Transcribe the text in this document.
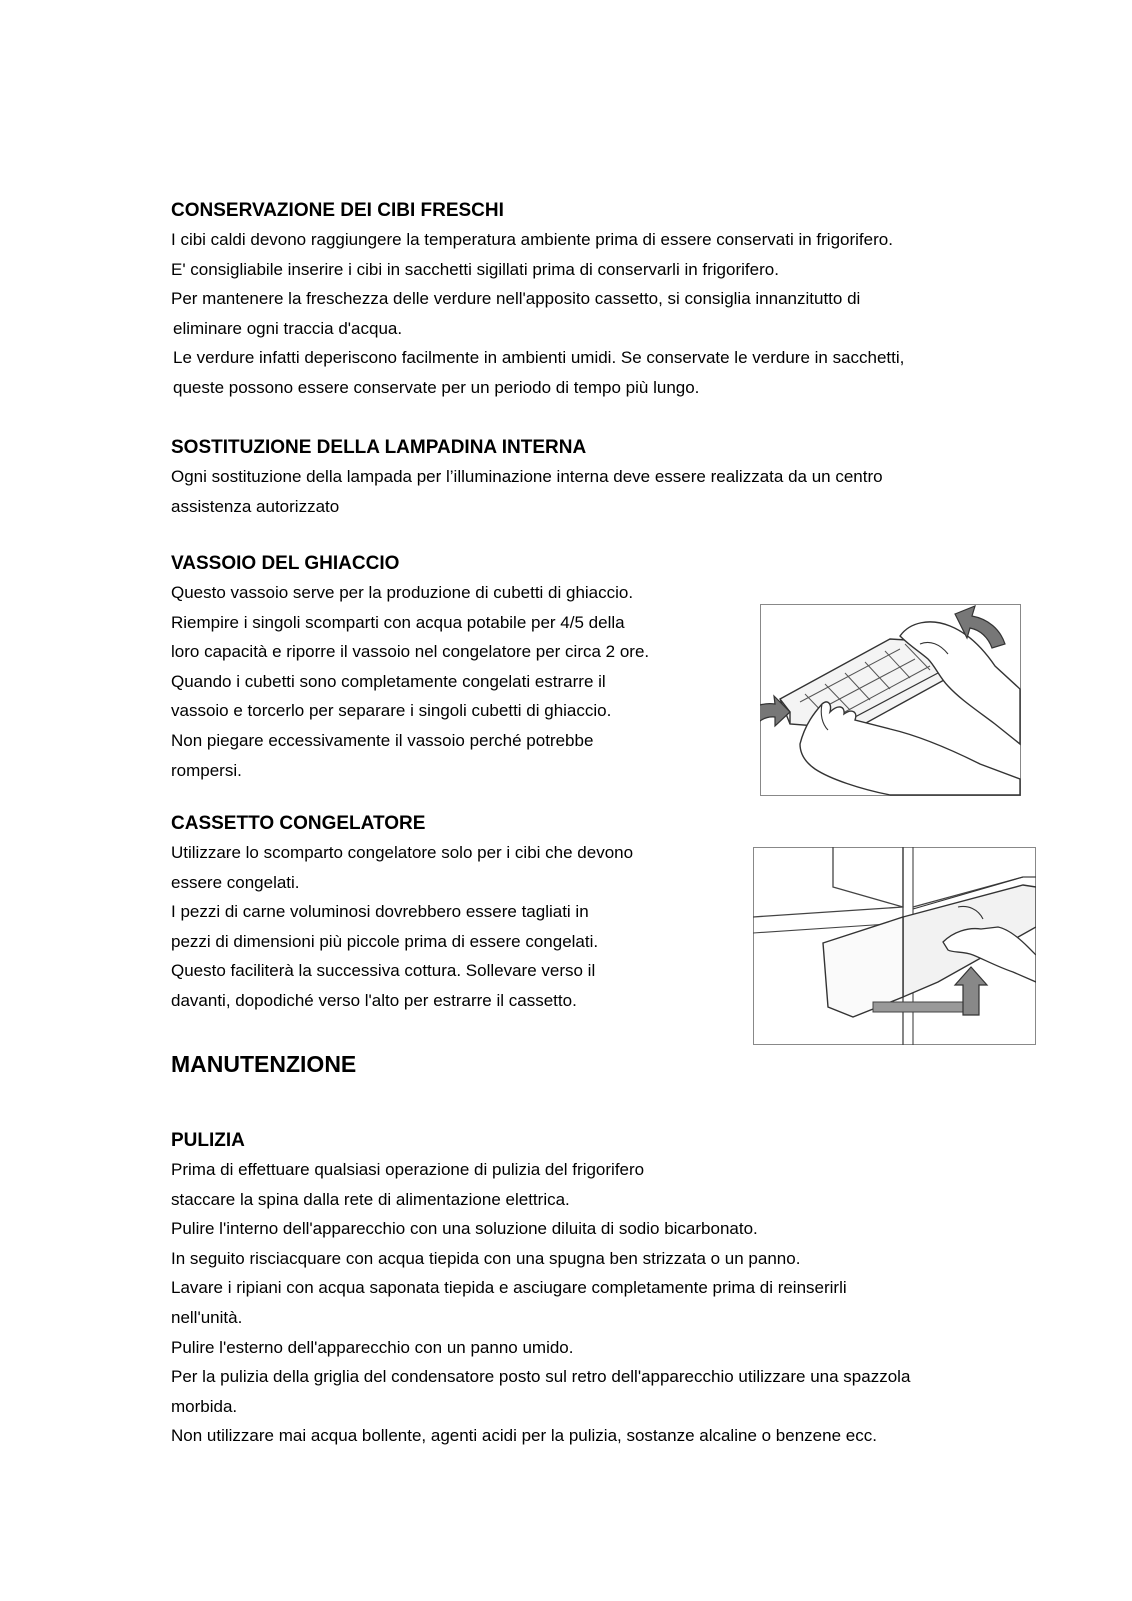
CONSERVAZIONE DEI CIBI FRESCHI

I cibi caldi devono raggiungere la temperatura ambiente prima di essere conservati in frigorifero.

E' consigliabile inserire i cibi in sacchetti sigillati prima di conservarli in frigorifero.

Per mantenere la freschezza delle verdure nell'apposito cassetto, si consiglia innanzitutto di

eliminare ogni traccia d'acqua.

Le verdure infatti deperiscono facilmente in ambienti umidi. Se conservate le verdure in sacchetti,

queste possono essere conservate per un periodo di tempo più lungo.

SOSTITUZIONE DELLA LAMPADINA INTERNA

Ogni sostituzione della lampada per l’illuminazione interna deve essere realizzata da un centro

assistenza autorizzato

VASSOIO DEL GHIACCIO

Questo vassoio serve per la produzione di cubetti di ghiaccio.

Riempire i singoli scomparti con acqua potabile per 4/5 della

loro capacità e riporre il vassoio nel congelatore per circa 2 ore.

Quando i cubetti sono completamente congelati estrarre il

vassoio e torcerlo per separare i singoli cubetti di ghiaccio.

Non piegare eccessivamente il vassoio perché potrebbe

rompersi.

CASSETTO CONGELATORE

Utilizzare lo scomparto congelatore solo per i cibi che devono

essere congelati.

I pezzi di carne voluminosi dovrebbero essere tagliati in

pezzi di dimensioni più piccole prima di essere congelati.

Questo faciliterà la successiva cottura. Sollevare verso il

davanti, dopodiché verso l'alto per estrarre il cassetto.

MANUTENZIONE

PULIZIA

Prima di effettuare qualsiasi operazione di pulizia del frigorifero

staccare la spina dalla rete di alimentazione elettrica.

Pulire l'interno dell'apparecchio con una soluzione diluita di sodio bicarbonato.

In seguito risciacquare con acqua tiepida con una spugna ben strizzata o un panno.

Lavare i ripiani con acqua saponata tiepida e asciugare completamente prima di reinserirli

nell'unità.

Pulire l'esterno dell'apparecchio con un panno umido.

Per la pulizia della griglia del condensatore posto sul retro dell'apparecchio utilizzare una spazzola

morbida.

Non utilizzare mai acqua bollente, agenti acidi per la pulizia, sostanze alcaline o benzene ecc.
